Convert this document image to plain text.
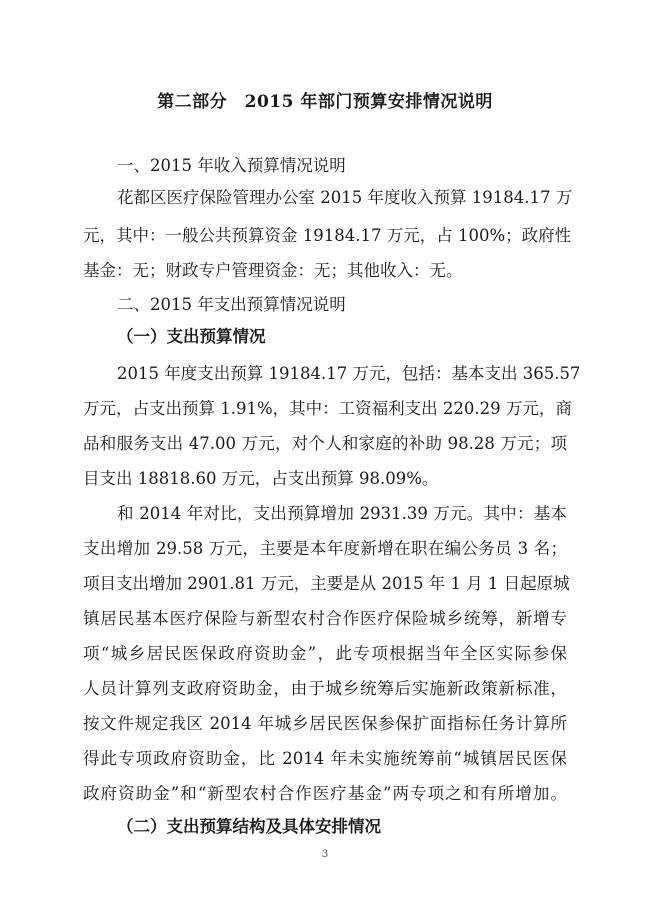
第二部分　2015 年部门预算安排情况说明
一、2015 年收入预算情况说明
花都区医疗保险管理办公室 2015 年度收入预算 19184.17 万
元，其中：一般公共预算资金 19184.17 万元，占 100%；政府性
基金：无；财政专户管理资金：无；其他收入：无。
二、2015 年支出预算情况说明
（一）支出预算情况
2015 年度支出预算 19184.17 万元，包括：基本支出 365.57
万元，占支出预算 1.91%，其中：工资福利支出 220.29 万元，商
品和服务支出 47.00 万元，对个人和家庭的补助 98.28 万元；项
目支出 18818.60 万元，占支出预算 98.09%。
和 2014 年对比，支出预算增加 2931.39 万元。其中：基本
支出增加 29.58 万元，主要是本年度新增在职在编公务员 3 名；
项目支出增加 2901.81 万元，主要是从 2015 年 1 月 1 日起原城
镇居民基本医疗保险与新型农村合作医疗保险城乡统筹，新增专
项“城乡居民医保政府资助金”，此专项根据当年全区实际参保
人员计算列支政府资助金，由于城乡统筹后实施新政策新标准，
按文件规定我区 2014 年城乡居民医保参保扩面指标任务计算所
得此专项政府资助金，比 2014 年未实施统筹前“城镇居民医保
政府资助金”和“新型农村合作医疗基金”两专项之和有所增加。
（二）支出预算结构及具体安排情况
3
